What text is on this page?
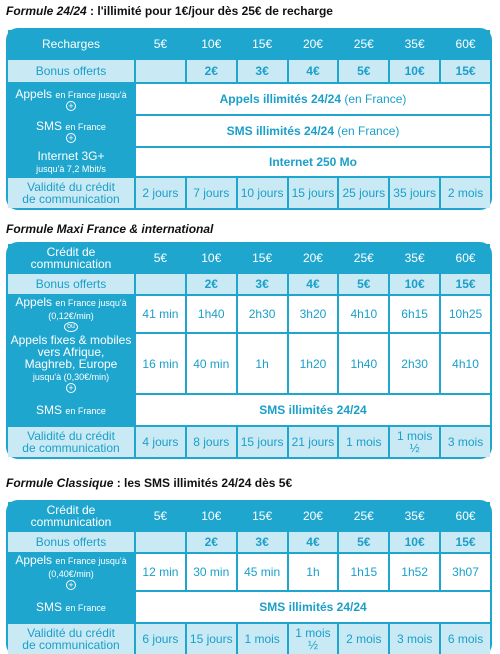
Formule 24/24 : l'illimité pour 1€/jour dès 25€ de recharge
Recharges	5€	10€	15€	20€	25€	35€	60€
Bonus offerts		2€	3€	4€	5€	10€	15€
Appels en France jusqu'à
+	Appels illimités 24/24 (en France)						
SMS en France
+	SMS illimités 24/24 (en France)						
Internet 3G+
jusqu'à 7,2 Mbit/s	Internet 250 Mo						
Validité du crédit
de communication	2 jours	7 jours	10 jours	15 jours	25 jours	35 jours	2 mois
Formule Maxi France & international
Crédit de
communication	5€	10€	15€	20€	25€	35€	60€
Bonus offerts		2€	3€	4€	5€	10€	15€
Appels en France jusqu'à
(0,12€/min)
ou	41 min	1h40	2h30	3h20	4h10	6h15	10h25
Appels fixes & mobiles
vers Afrique,
Maghreb, Europe
jusqu'à (0,30€/min)
+	16 min	40 min	1h	1h20	1h40	2h30	4h10
SMS en France	SMS illimités 24/24						
Validité du crédit
de communication	4 jours	8 jours	15 jours	21 jours	1 mois	1 mois ½	3 mois
Formule Classique : les SMS illimités 24/24 dès 5€
Crédit de
communication	5€	10€	15€	20€	25€	35€	60€
Bonus offerts		2€	3€	4€	5€	10€	15€
Appels en France jusqu'à
(0,40€/min)
+	12 min	30 min	45 min	1h	1h15	1h52	3h07
SMS en France	SMS illimités 24/24						
Validité du crédit
de communication	6 jours	15 jours	1 mois	1 mois ½	2 mois	3 mois	6 mois
